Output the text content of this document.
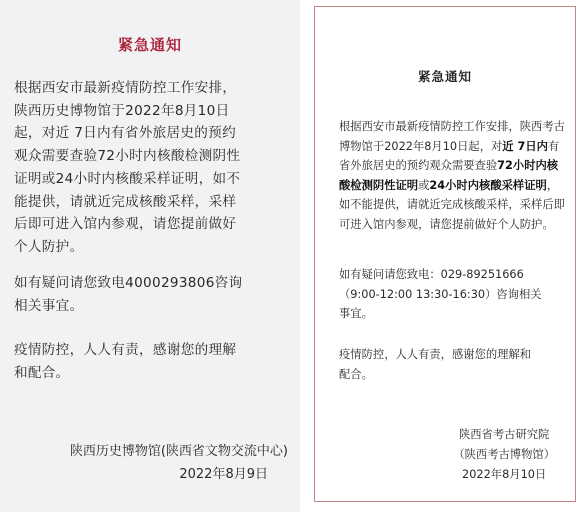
紧急通知
根据西安市最新疫情防控工作安排，
陕西历史博物馆于2022年8月10日
起，对近 7日内有省外旅居史的预约
观众需要查验72小时内核酸检测阴性
证明或24小时内核酸采样证明，如不
能提供，请就近完成核酸采样，采样
后即可进入馆内参观，请您提前做好
个人防护。
如有疑问请您致电4000293806咨询
相关事宜。
疫情防控，人人有责，感谢您的理解
和配合。
陕西历史博物馆(陕西省文物交流中心)
2022年8月9日
紧急通知
根据西安市最新疫情防控工作安排，陕西考古博物馆于2022年8月10日起，对近 7日内有省外旅居史的预约观众需要查验72小时内核酸检测阴性证明或24小时内核酸采样证明，如不能提供，请就近完成核酸采样，采样后即可进入馆内参观，请您提前做好个人防护。
如有疑问请您致电：029-89251666
（9:00-12:00 13:30-16:30）咨询相关
事宜。
疫情防控，人人有责，感谢您的理解和
配合。
陕西省考古研究院
（陕西考古博物馆）
2022年8月10日
